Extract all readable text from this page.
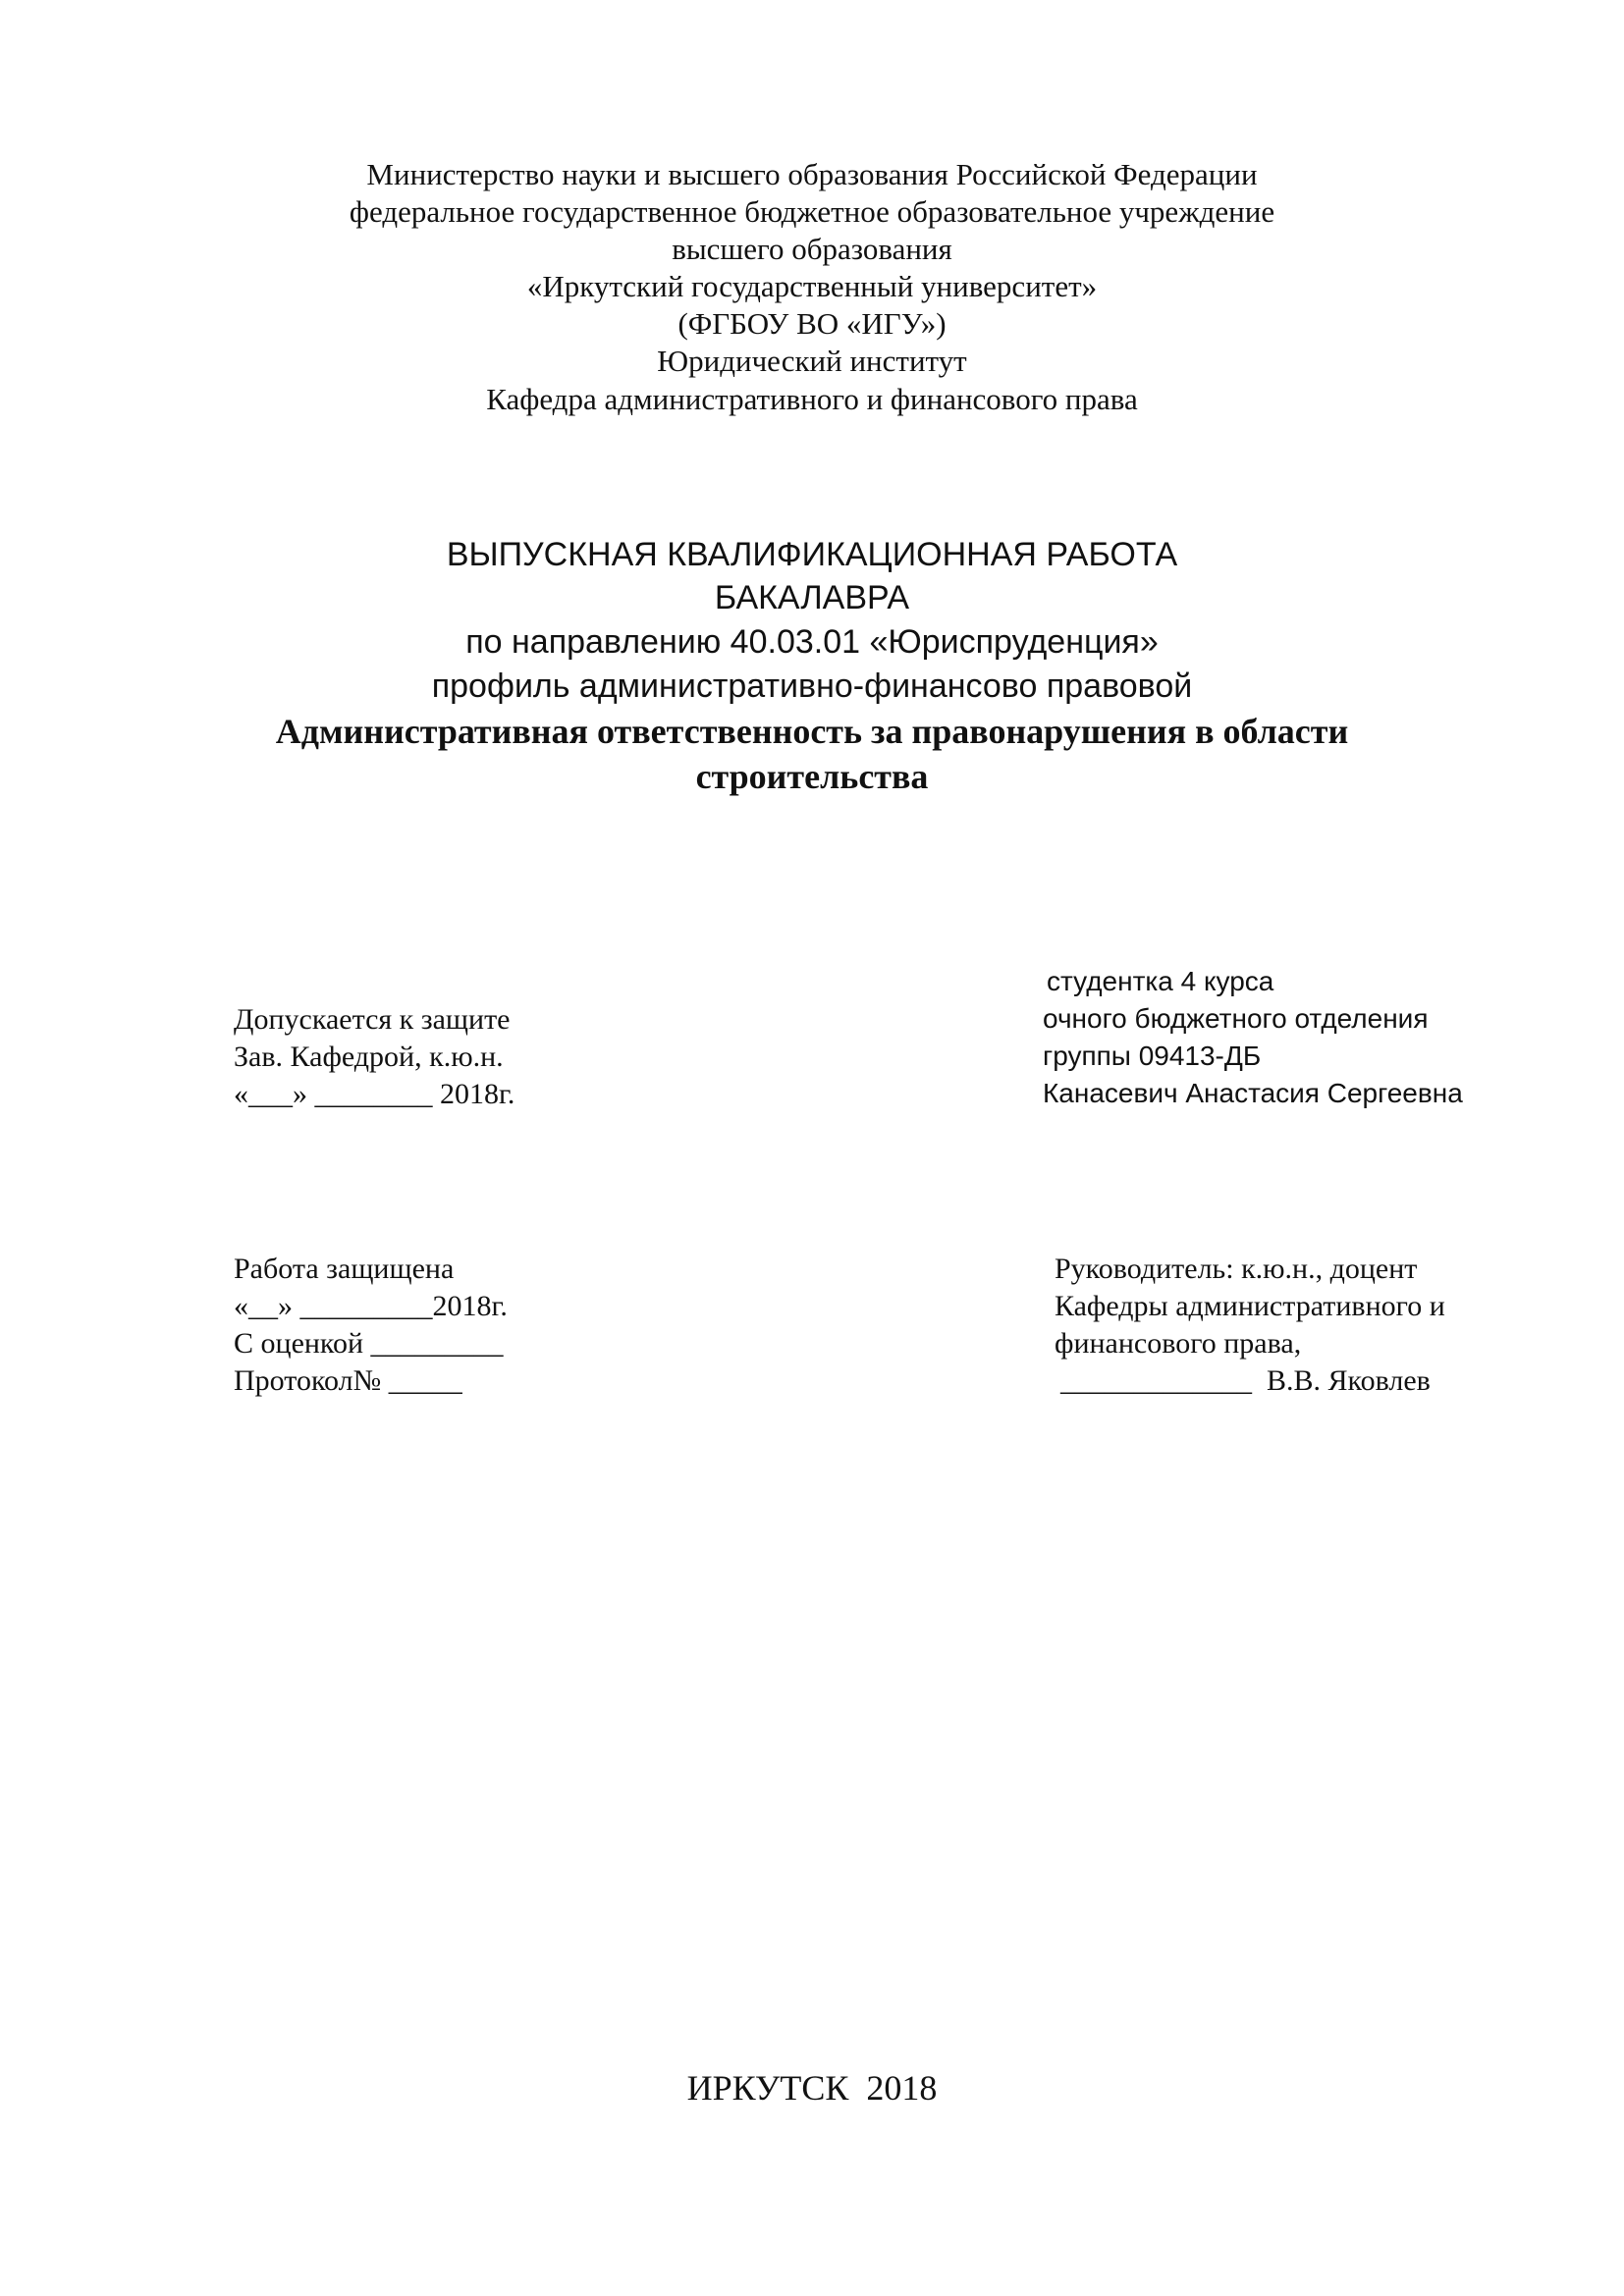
Министерство науки и высшего образования Российской Федерации
федеральное государственное бюджетное образовательное учреждение
высшего образования
«Иркутский государственный университет»
(ФГБОУ ВО «ИГУ»)
Юридический институт
Кафедра административного и финансового права
ВЫПУСКНАЯ КВАЛИФИКАЦИОННАЯ РАБОТА
БАКАЛАВРА
по направлению 40.03.01 «Юриспруденция»
профиль административно-финансово правовой
Административная ответственность за правонарушения в области
строительства
студентка 4 курса
очного бюджетного отделения
группы 09413-ДБ
Канасевич Анастасия Сергеевна
Допускается к защите
Зав. Кафедрой, к.ю.н.
«___» ________ 2018г.
Работа защищена
«__» _________2018г.
С оценкой _________
Протокол№ _____
Руководитель: к.ю.н., доцент
Кафедры административного и
финансового права,
_____________  В.В. Яковлев
ИРКУТСК  2018
